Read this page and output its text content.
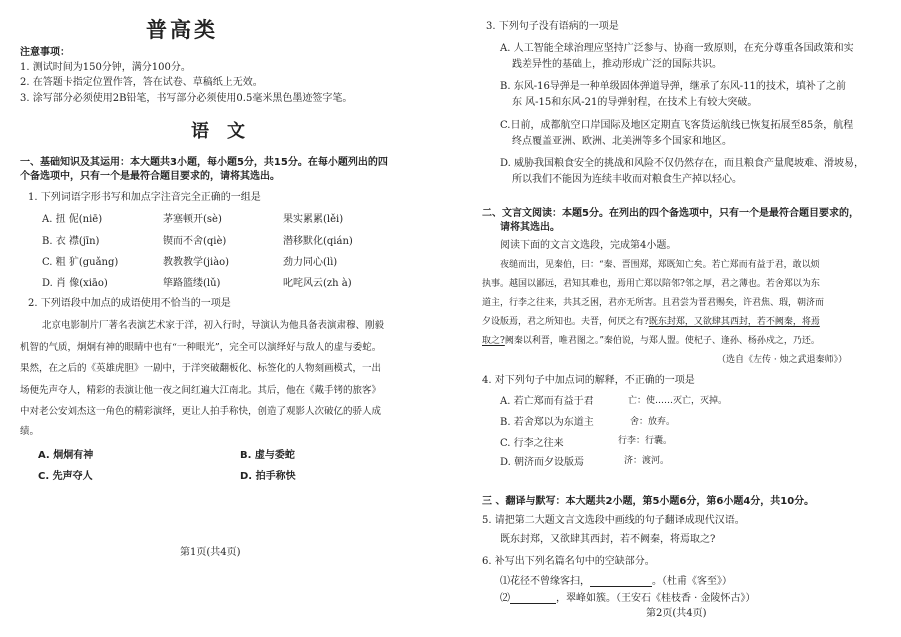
普高类
注意事项：
1. 测试时间为150分钟，满分100分。
2. 在答题卡指定位置作答，答在试卷、草稿纸上无效。
3. 涂写部分必须使用2B铅笔，书写部分必须使用0.5毫米黑色墨迹签字笔。
语文
一、基础知识及其运用：本大题共3小题，每小题5分，共15分。在每小题列出的四
个备选项中，只有一个是最符合题目要求的，请将其选出。
1. 下列词语字形书写和加点字注音完全正确的一组是
A. 扭 伲(niē)	茅塞顿开(sè)	果实累累(lěi)
B. 衣 襟(jīn)	锲而不舍(qiè)	潜移默化(qián)
C. 粗 犷(guǎng)	教教教学(jiào)	劲力同心(lì)
D. 肖 像(xiāo)	筚路篮缕(lǔ)	叱咤风云(zh à)
2. 下列语段中加点的成语使用不恰当的一项是
北京电影制片厂著名表演艺术家于洋，初入行时，导演认为他具备表演肃穆、刚毅
机智的气质，炯炯有神的眼睛中也有“一种眼光”，完全可以演绎好与敌人的虚与委蛇。
果然，在之后的《英雄虎胆》一剧中，于洋突破翻板化、标签化的人物刻画模式，一出
场便先声夺人，精彩的表演让他一夜之间红遍大江南北。其后，他在《戴手铐的旅客》
中对老公安刘杰这一角色的精彩演绎，更让人拍手称快，创造了观影人次破亿的骄人成
绩。
A. 炯炯有神	B. 虚与委蛇
C. 先声夺人	D. 拍手称快
第1页(共4页)
3. 下列句子没有语病的一项是
A. 人工智能全球治理应坚持广泛参与、协商一致原则，在充分尊重各国政策和实
践差异性的基础上，推动形成广泛的国际共识。
B. 东风-16导弹是一种单级固体弹道导弹，继承了东风-11的技术，填补了之前
东 风-15和东风-21的导弹射程，在技术上有较大突破。
C.日前，成都航空口岸国际及地区定期直飞客货运航线已恢复拓展至85条，航程
终点覆盖亚洲、欧洲、北美洲等多个国家和地区。
D. 威胁我国粮食安全的挑战和风险不仅仍然存在，而且粮食产量爬坡难、滑坡易，
所以我们不能因为连续丰收而对粮食生产掉以轻心。
二、文言文阅读：本题5分。在列出的四个备选项中，只有一个是最符合题目要求的，
请将其选出。
阅读下面的文言文选段，完成第4小题。
夜缒而出，见秦伯，曰：“秦、晋围郑，郑既知亡矣。若亡郑而有益于君，敢以烦
执事。越国以鄙远，君知其难也，焉用亡郑以陪邻?邻之厚，君之薄也。若舍郑以为东
道主，行李之往来，共其乏困，君亦无所害。且君尝为晋君赐矣，许君焦、瑕，朝济而
夕设版焉，君之所知也。夫晋，何厌之有?既东封郑，又欲肆其西封，若不阙秦，将焉
取之?阙秦以利晋，唯君图之。”秦伯说，与郑人盟。使杞子、逢孙、杨孙戍之，乃还。
（选自《左传 · 烛之武退秦师》）
4. 对下列句子中加点词的解释，不正确的一项是
A. 若亡郑而有益于君	亡：使……灭亡，灭掉。
B. 若舍郑以为东道主	舍：放弃。
C. 行李之往来	行李：行囊。
D. 朝济而夕设版焉	济：渡河。
三 、翻译与默写：本大题共2小题，第5小题6分，第6小题4分，共10分。
5. 请把第二大题文言文选段中画线的句子翻译成现代汉语。
既东封郑，又欲肆其西封，若不阙秦，将焉取之?
6. 补写出下列名篇名句中的空缺部分。
⑴花径不曾缘客扫，	。（杜甫《客至》）
⑵	，翠峰如簇。（王安石《桂枝香 · 金陵怀古》）
第2页(共4页)
